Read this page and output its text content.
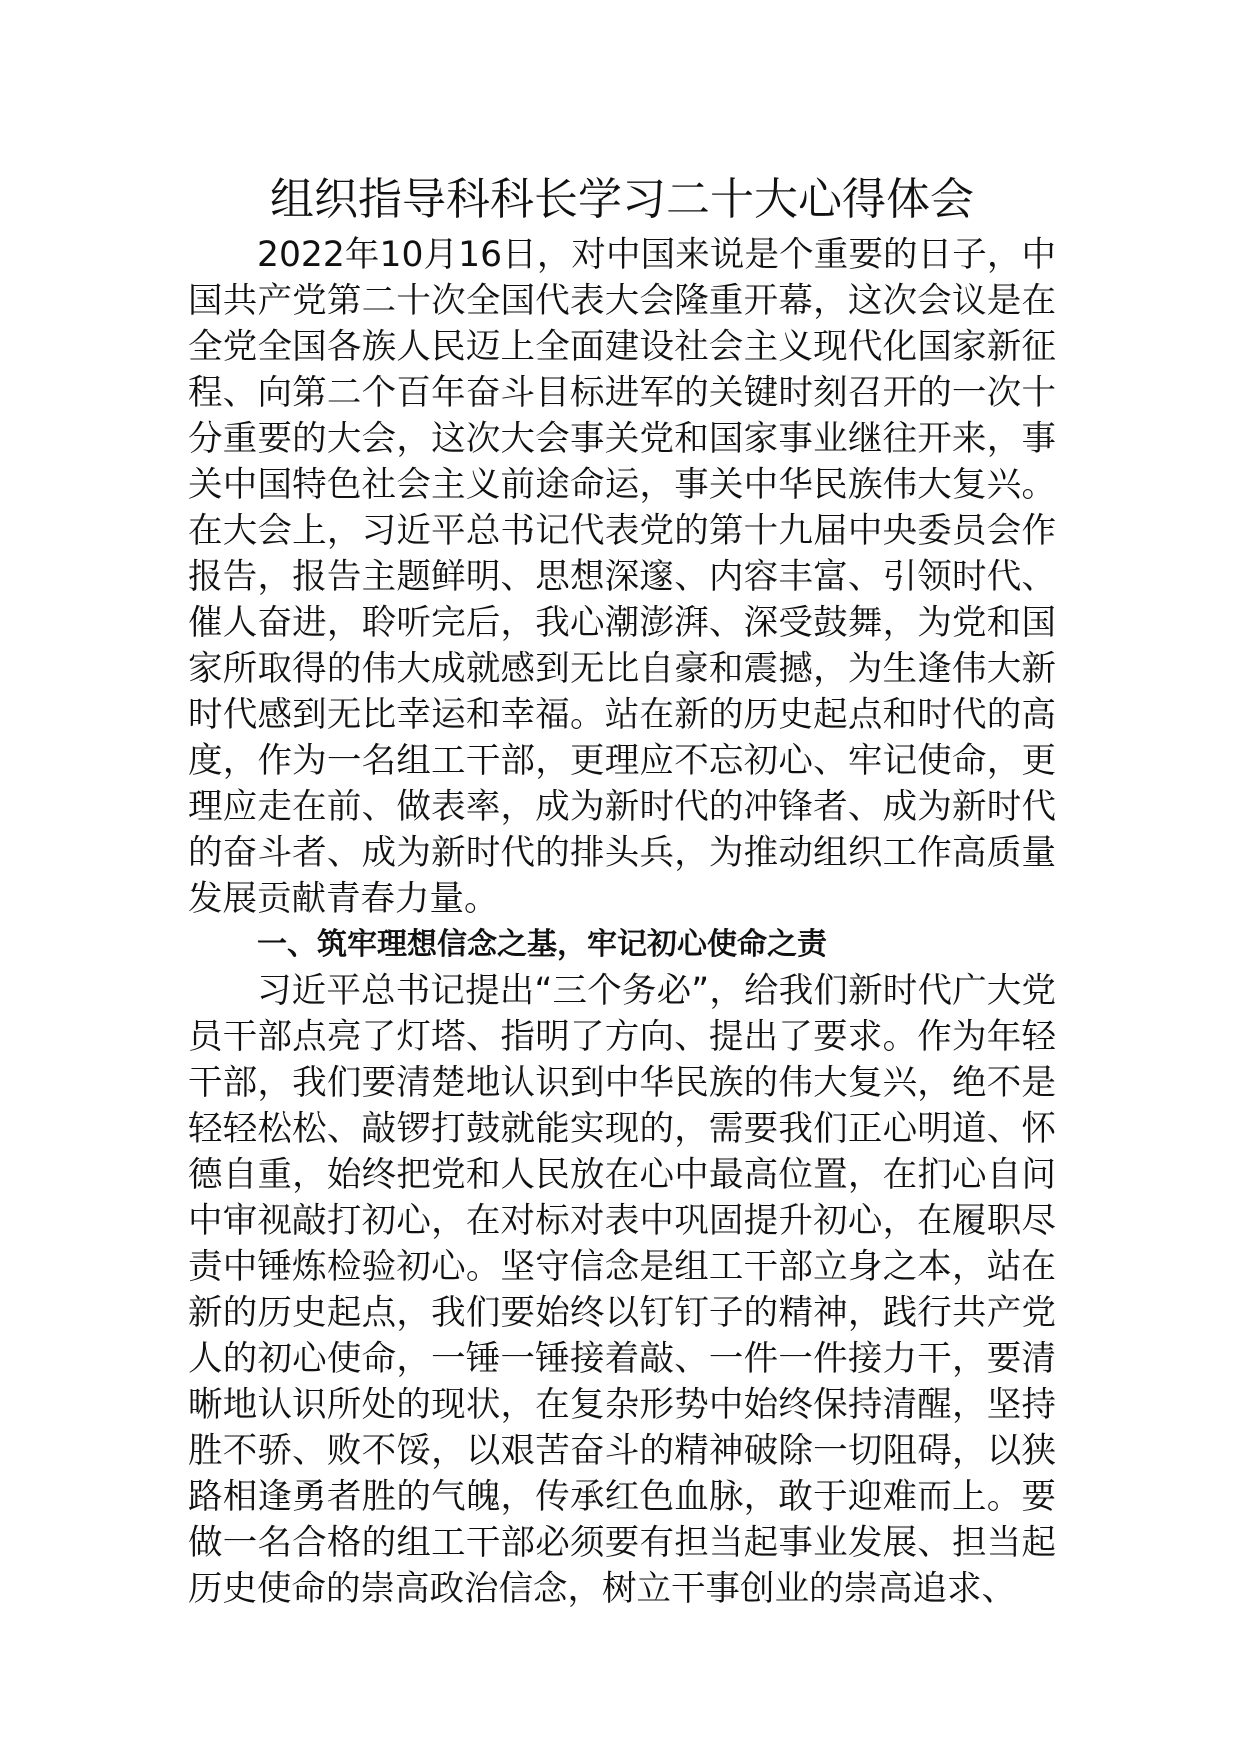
组织指导科科长学习二十大心得体会

2022年10月16日，对中国来说是个重要的日子，中国共产党第二十次全国代表大会隆重开幕，这次会议是在全党全国各族人民迈上全面建设社会主义现代化国家新征程、向第二个百年奋斗目标进军的关键时刻召开的一次十分重要的大会，这次大会事关党和国家事业继往开来，事关中国特色社会主义前途命运，事关中华民族伟大复兴。在大会上，习近平总书记代表党的第十九届中央委员会作报告，报告主题鲜明、思想深邃、内容丰富、引领时代、催人奋进，聆听完后，我心潮澎湃、深受鼓舞，为党和国家所取得的伟大成就感到无比自豪和震撼，为生逢伟大新时代感到无比幸运和幸福。站在新的历史起点和时代的高度，作为一名组工干部，更理应不忘初心、牢记使命，更理应走在前、做表率，成为新时代的冲锋者、成为新时代的奋斗者、成为新时代的排头兵，为推动组织工作高质量发展贡献青春力量。

一、筑牢理想信念之基，牢记初心使命之责

习近平总书记提出“三个务必”，给我们新时代广大党员干部点亮了灯塔、指明了方向、提出了要求。作为年轻干部，我们要清楚地认识到中华民族的伟大复兴，绝不是轻轻松松、敲锣打鼓就能实现的，需要我们正心明道、怀德自重，始终把党和人民放在心中最高位置，在扪心自问中审视敲打初心，在对标对表中巩固提升初心，在履职尽责中锤炼检验初心。坚守信念是组工干部立身之本，站在新的历史起点，我们要始终以钉钉子的精神，践行共产党人的初心使命，一锤一锤接着敲、一件一件接力干，要清晰地认识所处的现状，在复杂形势中始终保持清醒，坚持胜不骄、败不馁，以艰苦奋斗的精神破除一切阻碍，以狭路相逢勇者胜的气魄，传承红色血脉，敢于迎难而上。要做一名合格的组工干部必须要有担当起事业发展、担当起历史使命的崇高政治信念，树立干事创业的崇高追求、
